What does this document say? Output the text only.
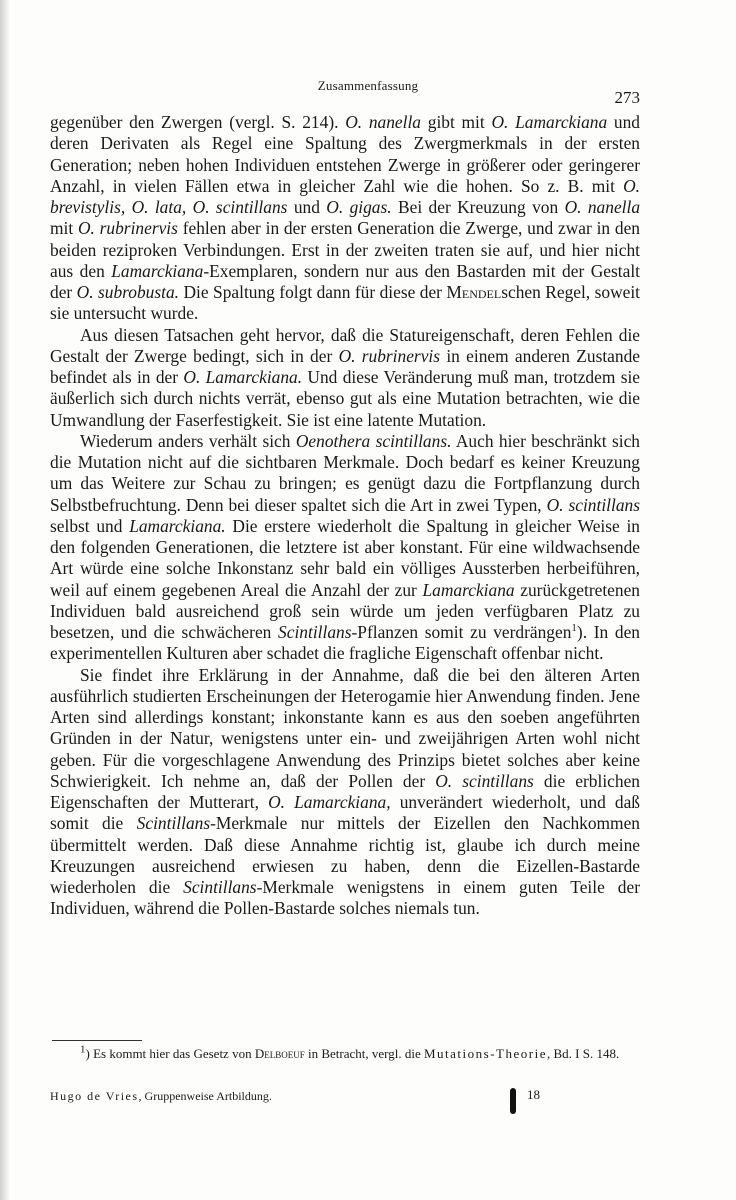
Zusammenfassung
273

gegenüber den Zwergen (vergl. S. 214). O. nanella gibt mit O. Lamarckiana und deren Derivaten als Regel eine Spaltung des Zwergmerkmals in der ersten Generation; neben hohen Individuen entstehen Zwerge in größerer oder geringerer Anzahl, in vielen Fällen etwa in gleicher Zahl wie die hohen. So z. B. mit O. brevistylis, O. lata, O. scintillans und O. gigas. Bei der Kreuzung von O. nanella mit O. rubrinervis fehlen aber in der ersten Generation die Zwerge, und zwar in den beiden reziproken Verbindungen. Erst in der zweiten traten sie auf, und hier nicht aus den Lamarckiana-Exemplaren, sondern nur aus den Bastarden mit der Gestalt der O. subrobusta. Die Spaltung folgt dann für diese der Mendelschen Regel, soweit sie untersucht wurde.

Aus diesen Tatsachen geht hervor, daß die Statureigenschaft, deren Fehlen die Gestalt der Zwerge bedingt, sich in der O. rubrinervis in einem anderen Zustande befindet als in der O. Lamarckiana. Und diese Veränderung muß man, trotzdem sie äußerlich sich durch nichts verrät, ebenso gut als eine Mutation betrachten, wie die Umwandlung der Faserfestigkeit. Sie ist eine latente Mutation.

Wiederum anders verhält sich Oenothera scintillans. Auch hier beschränkt sich die Mutation nicht auf die sichtbaren Merkmale. Doch bedarf es keiner Kreuzung um das Weitere zur Schau zu bringen; es genügt dazu die Fortpflanzung durch Selbstbefruchtung. Denn bei dieser spaltet sich die Art in zwei Typen, O. scintillans selbst und Lamarckiana. Die erstere wiederholt die Spaltung in gleicher Weise in den folgenden Generationen, die letztere ist aber konstant. Für eine wildwachsende Art würde eine solche Inkonstanz sehr bald ein völliges Aussterben herbeiführen, weil auf einem gegebenen Areal die Anzahl der zur Lamarckiana zurückgetretenen Individuen bald ausreichend groß sein würde um jeden verfügbaren Platz zu besetzen, und die schwächeren Scintillans-Pflanzen somit zu verdrängen$^1$). In den experimentellen Kulturen aber schadet die fragliche Eigenschaft offenbar nicht.

Sie findet ihre Erklärung in der Annahme, daß die bei den älteren Arten ausführlich studierten Erscheinungen der Heterogamie hier Anwendung finden. Jene Arten sind allerdings konstant; inkonstante kann es aus den soeben angeführten Gründen in der Natur, wenigstens unter ein- und zweijährigen Arten wohl nicht geben. Für die vorgeschlagene Anwendung des Prinzips bietet solches aber keine Schwierigkeit. Ich nehme an, daß der Pollen der O. scintillans die erblichen Eigenschaften der Mutterart, O. Lamarckiana, unverändert wiederholt, und daß somit die Scintillans-Merkmale nur mittels der Eizellen den Nachkommen übermittelt werden. Daß diese Annahme richtig ist, glaube ich durch meine Kreuzungen ausreichend erwiesen zu haben, denn die Eizellen-Bastarde wiederholen die Scintillans-Merkmale wenigstens in einem guten Teile der Individuen, während die Pollen-Bastarde solches niemals tun.

$^1$) Es kommt hier das Gesetz von Delboeuf in Betracht, vergl. die Mutations-Theorie, Bd. I S. 148.

Hugo de Vries, Gruppenweise Artbildung.	18
